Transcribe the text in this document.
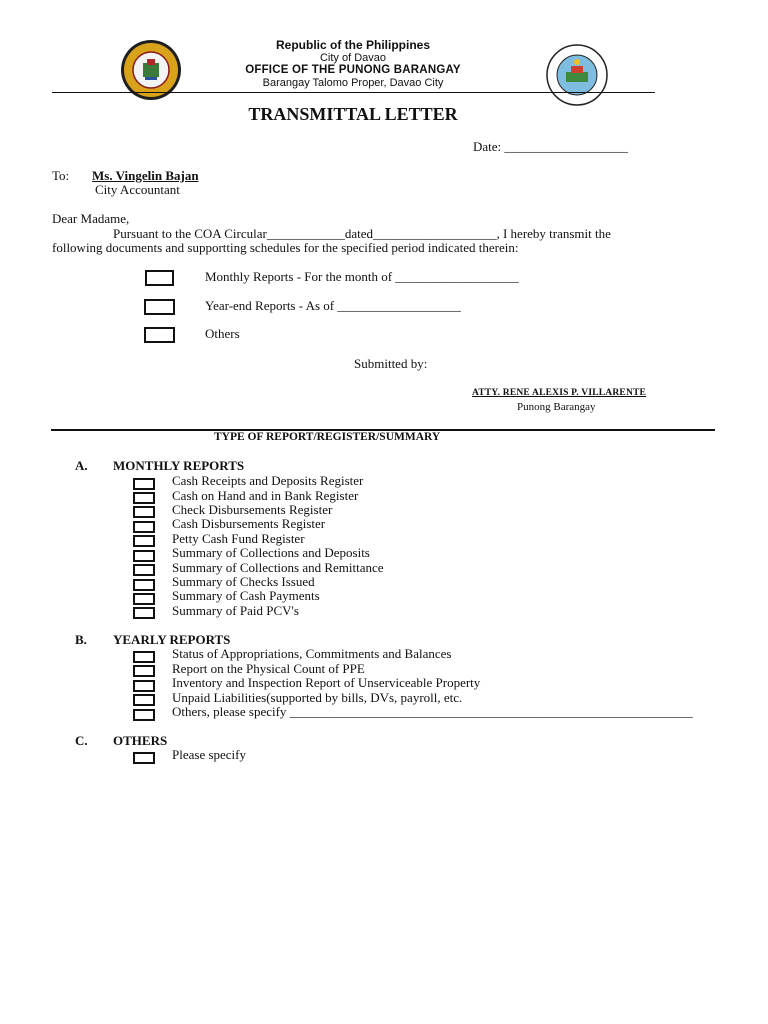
Republic of the Philippines
City of Davao
OFFICE OF THE PUNONG BARANGAY
Barangay Talomo Proper, Davao City
TRANSMITTAL LETTER
Date: ___________________
To: Ms. Vingelin Bajan
City Accountant
Dear Madame,
Pursuant to the COA Circular____________dated___________________, I hereby transmit the
following documents and supportting schedules for the specified period indicated therein:
Monthly Reports - For the month of ___________________
Year-end Reports - As of ___________________
Others
Submitted by:
ATTY. RENE ALEXIS P. VILLARENTE
Punong Barangay
TYPE OF REPORT/REGISTER/SUMMARY
A. MONTHLY REPORTS
Cash Receipts and Deposits Register
Cash on Hand and in Bank Register
Check Disbursements Register
Cash Disbursements Register
Petty Cash Fund Register
Summary of Collections and Deposits
Summary of Collections and Remittance
Summary of Checks Issued
Summary of Cash Payments
Summary of Paid PCV's
B. YEARLY REPORTS
Status of Appropriations, Commitments and Balances
Report on the Physical Count of PPE
Inventory and Inspection Report of Unserviceable Property
Unpaid Liabilities(supported by bills, DVs, payroll, etc.
Others, please specify ______________________________________________________________
C. OTHERS
Please specify
